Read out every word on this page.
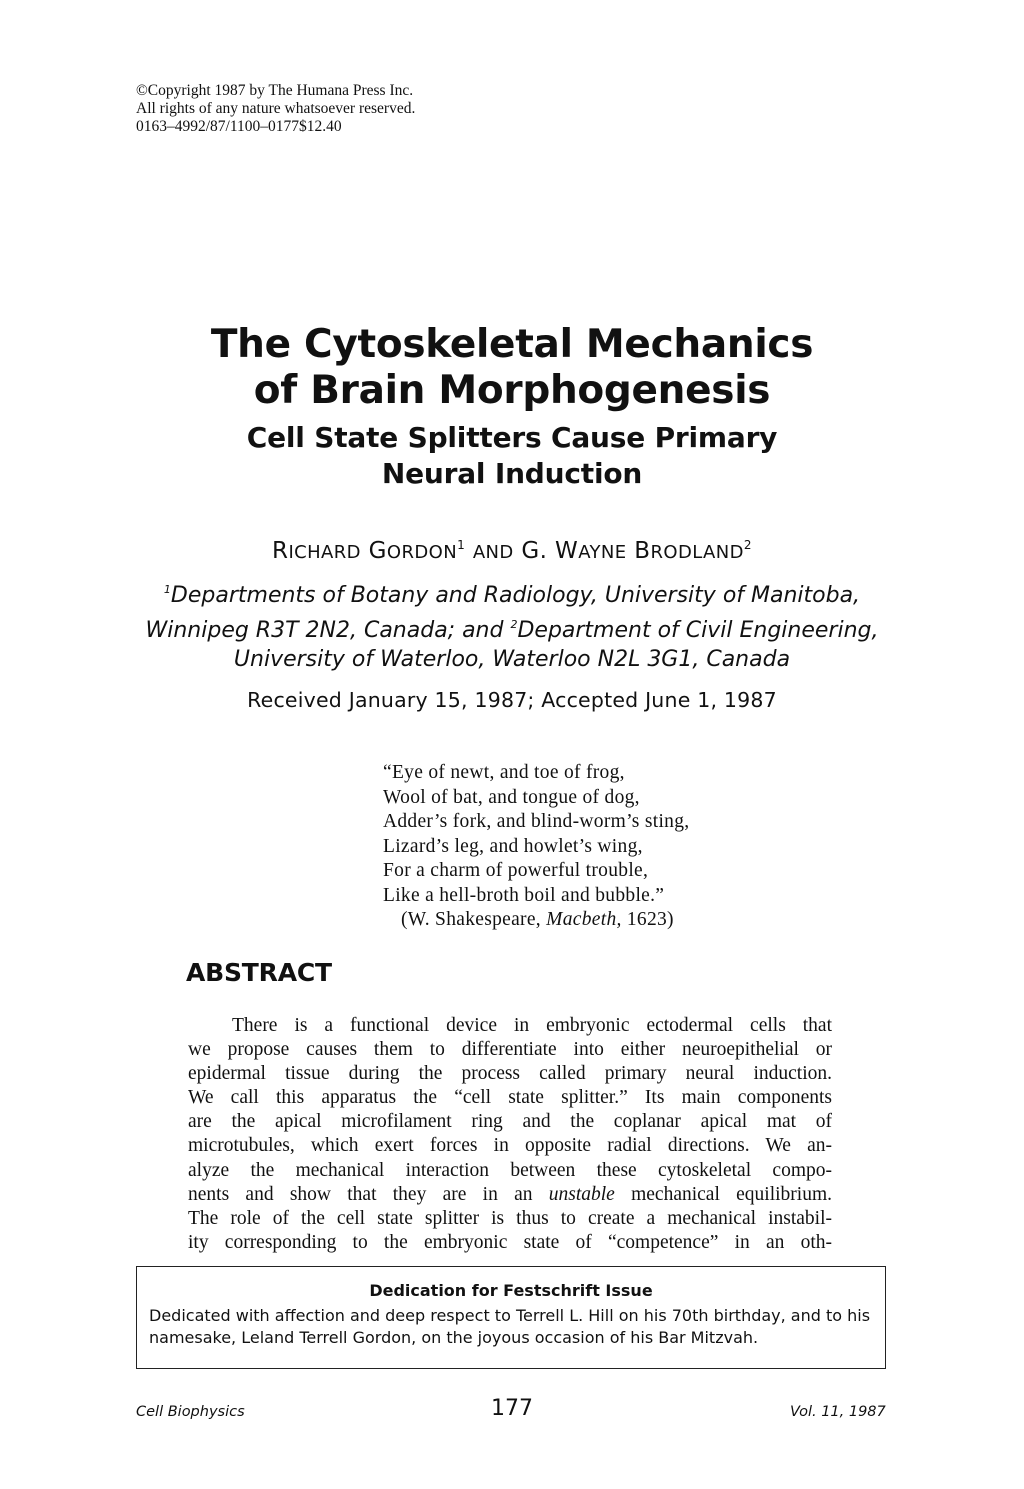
©Copyright 1987 by The Humana Press Inc.
All rights of any nature whatsoever reserved.
0163–4992/87/1100–0177$12.40
The Cytoskeletal Mechanics
of Brain Morphogenesis
Cell State Splitters Cause Primary
Neural Induction
RICHARD GORDON$^1$ AND G. WAYNE BRODLAND$^2$
$^1$Departments of Botany and Radiology, University of Manitoba,
Winnipeg R3T 2N2, Canada; and $^2$Department of Civil Engineering,
University of Waterloo, Waterloo N2L 3G1, Canada
Received January 15, 1987; Accepted June 1, 1987
“Eye of newt, and toe of frog,
Wool of bat, and tongue of dog,
Adder’s fork, and blind-worm’s sting,
Lizard’s leg, and howlet’s wing,
For a charm of powerful trouble,
Like a hell-broth boil and bubble.”
(W. Shakespeare, Macbeth, 1623)
ABSTRACT
There is a functional device in embryonic ectodermal cells that
we propose causes them to differentiate into either neuroepithelial or
epidermal tissue during the process called primary neural induction.
We call this apparatus the “cell state splitter.” Its main components
are the apical microfilament ring and the coplanar apical mat of
microtubules, which exert forces in opposite radial directions. We an-
alyze the mechanical interaction between these cytoskeletal compo-
nents and show that they are in an unstable mechanical equilibrium.
The role of the cell state splitter is thus to create a mechanical instabil-
ity corresponding to the embryonic state of “competence” in an oth-
Dedication for Festschrift Issue
Dedicated with affection and deep respect to Terrell L. Hill on his 70th birthday, and to his
namesake, Leland Terrell Gordon, on the joyous occasion of his Bar Mitzvah.
Cell Biophysics	177	Vol. 11, 1987
